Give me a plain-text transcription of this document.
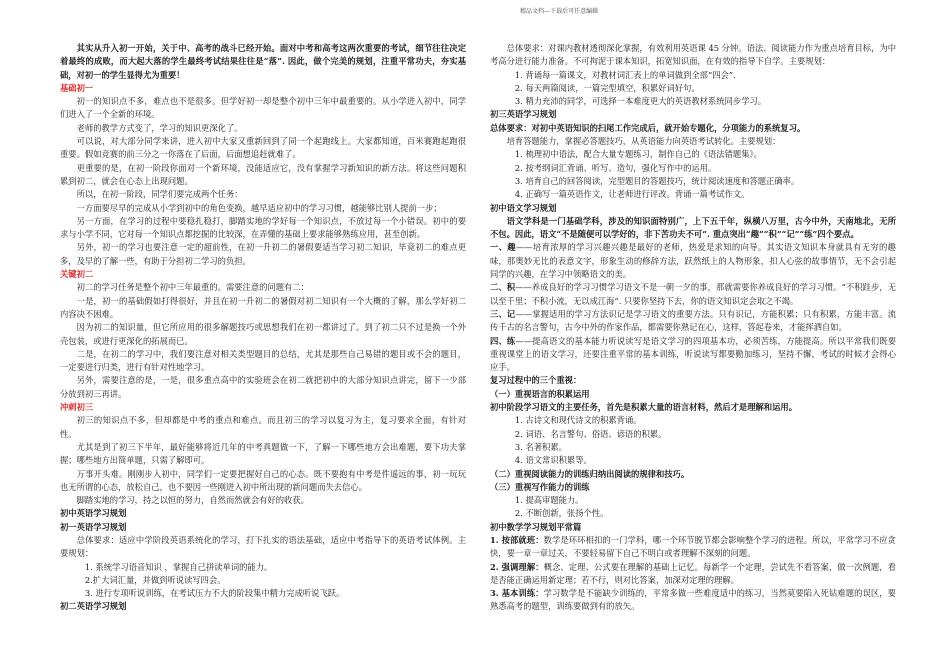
精品文档---下载后可任意编辑

其实从升入初一开始，关于中、高考的战斗已经开始。面对中考和高考这两次重要的考试，细节往往决定着最终的成败，而大起大落的学生最终考试结果往往是“落”. 因此，做个完美的规划，注重平常功夫，夯实基础，对初一的学生显得尤为重要！

基础初一

初一的知识点不多，难点也不是很多。但学好初一却是整个初中三年中最重要的。从小学进入初中，同学们进入了一个全新的环境。

老师的教学方式变了，学习的知识更深化了。

可以说，对大部分同学来讲，进入初中大家又重新回到了同一个起跑线上。大家都知道，百米赛跑起跑很重要。假如竞赛的前三分之一你落在了后面，后面想追赶就难了。

更重要的是，在初一阶段你面对一个新环境，没能适应它，没有掌握学习新知识的新方法。将这些问题积累到初二，就会在心态上出现问题。

所以，在初一阶段，同学们要完成两个任务：

一方面要尽早的完成从小学到初中的角色变换，越早适应初中的学习习惯，越能够比别人提前一步；

另一方面，在学习的过程中要稳扎稳打，脚踏实地的学好每一个知识点，不放过每一个小错误。初中的要求与小学不同，它对每一个知识点都挖掘的比较深，在弄懂的基础上要求能够熟练应用，甚至创新。

另外，初一的学习也要注意一定的超前性，在初一升初二的暑假要适当学习初二知识，毕竟初二的难点更多，及早的了解一些，有助于分担初二学习的负担。

关键初二

初二的学习任务是整个初中三年最重的。需要注意的问题有二：

一是，初一的基础假如打得很好，并且在初一升初二的暑假对初二知识有一个大概的了解，那么学好初二内容决不困难。

因为初二的知识量，但它所应用的很多解题技巧或思想我们在初一都讲过了。到了初二只不过是换一个外壳包装，或进行更深化的拓展而已。

二是，在初二的学习中，我们要注意对相关类型题目的总结，尤其是那些自己易错的题目或不会的题目，一定要进行归类，进行有针对性地学习。

另外，需要注意的是，一是，很多重点高中的实验班会在初二就把初中的大部分知识点讲完，留下一少部分放到初三再讲。

冲刺初三

初三的知识点不多，但却都是中考的重点和难点。而且初三的学习以复习为主，复习要求全面，有针对性。

尤其是到了初三下半年，最好能够将近几年的中考真题做一下，了解一下哪些地方会出难题，要下功夫掌握；哪些地方出简单题，只需了解即可。

万事开头难。刚刚步入初中，同学们一定要把握好自己的心态。既不要抱有中考是件遥远的事，初一玩玩也无所谓的心态，放松自己，也不要因一些刚进入初中所出现的新问题而失去信心。

脚踏实地的学习，持之以恒的努力，自然而然就会有好的收获。

初中英语学习规划

初一英语学习规划

总体要求：适应中学阶段英语系统化的学习，打下扎实的语法基础，适应中考指导下的英语考试体例。主要规划：

1. 系统学习语音知识 ，掌握自己拼读单词的能力。

2.扩大词汇量，并做到听说读写四会。

3. 进行专项听说训练，在考试压力不大的阶段集中精力完成听说飞跃。

初二英语学习规划

总体要求：对课内教材透彻深化掌握，有效利用英语课 45 分钟。语法、阅读能力作为重点培育目标，为中考高分进行能力准备。不可拘泥于课本知识，拓宽知识面，在有效的指导下自学。主要规划：

1. 背诵每一篇课文，对教材词汇表上的单词做到全部“四会”.

2. 每天两篇阅读，一篇完型填空，积累好词好句。

3. 精力充沛的同学，可选择一本难度更大的英语教材系统同步学习。

初三英语学习规划

总体要求：对初中英语知识的扫尾工作完成后，就开始专题化，分项能力的系统复习。

培育答题能力，掌握必答题技巧，从英语能力向英语考试转化。主要规划：

1. 梳理初中语法，配合大量专题练习，制作自己的《语法错题集》。

2. 按考纲词汇背诵、听写、造句，强化写作中的运用。

3. 培育自己的回答阅读，完型题目的答题技巧，统计阅读速度和答题正确率。

4. 正确写一篇英语作文，让老师进行评改。背诵一篇考试作文。

初中语文学习规划

语文学科是一门基础学科，涉及的知识面特别广，上下五千年，纵横八万里，古今中外，天南地北，无所不包。因此，语文“不是随便可以学好的，非下苦功夫不可”. 重点突出“趣”“积”“记”“练”四个要点。

一、趣——培育浓厚的学习兴趣兴趣是最好的老师，热爱是求知的向导。其实语文知识本身就具有无穷的趣味，那奥妙无比的表意文字，形象生动的修辞方法，跃然纸上的人物形象，扣人心弦的故事情节，无不会引起同学的兴趣，在学习中领略语文的美。

二、积——养成良好的学习习惯学习语文不是一朝一夕的事，那就需要你养成良好的学习习惯。“不积跬步，无以至千里；不积小流，无以成江海”. 只要你坚持下去，你的语文知识定会取之不竭。

三、记——掌握适用的学习方法识记是学习语文的重要方法。只有识记，方能积累；只有积累，方能丰富。流传千古的名言警句，古今中外的作家作品，都需要你熟记在心，这样，答起卷来，才能挥洒自如。

四、练——提高语文的基本能力听说读写是语文学习的四项基本功，必须苦练，方能提高。所以平常我们既要重视课堂上的语文学习，还要注重平常的基本训练，听说读写都要勤加练习，坚持不懈，考试的时候才会得心应手。

复习过程中的三个重视：

（一）重视语言的积累运用

初中阶段学习语文的主要任务，首先是积累大量的语言材料，然后才是理解和运用。

1. 古诗文和现代诗文的积累背诵。

2. 词语、名言警句、俗语、谚语的积累。

3. 名著积累。

4. 语文常识积累等。

（二）重视阅读能力的训练归纳出阅读的规律和技巧。

（三）重视写作能力的训练

1. 提高审题能力。

2. 不断创新，张扬个性。

初中数学学习规划平常篇

1. 按部就班：数学是环环相扣的一门学科，哪一个环节脱节都会影响整个学习的进程。所以，平常学习不应贪快，要一章一章过关，不要轻易留下自己不明白或者理解不深刻的问题。

2. 强调理解：概念、定理、公式要在理解的基础上记忆。每新学一个定理，尝试先不看答案，做一次例题，看是否能正确运用新定理；若不行，则对比答案，加深对定理的理解。

3. 基本训练：学习数学是不能缺少训练的，平常多做一些难度适中的练习，当然莫要陷入死钻难题的误区，要熟悉高考的题型，训练要做到有的放矢。
